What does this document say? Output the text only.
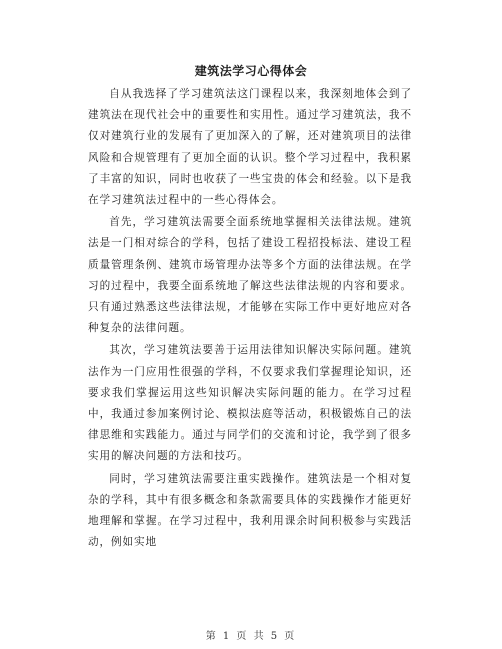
建筑法学习心得体会

自从我选择了学习建筑法这门课程以来，我深刻地体会到了建筑法在现代社会中的重要性和实用性。通过学习建筑法，我不仅对建筑行业的发展有了更加深入的了解，还对建筑项目的法律风险和合规管理有了更加全面的认识。整个学习过程中，我积累了丰富的知识，同时也收获了一些宝贵的体会和经验。以下是我在学习建筑法过程中的一些心得体会。

首先，学习建筑法需要全面系统地掌握相关法律法规。建筑法是一门相对综合的学科，包括了建设工程招投标法、建设工程质量管理条例、建筑市场管理办法等多个方面的法律法规。在学习的过程中，我要全面系统地了解这些法律法规的内容和要求。只有通过熟悉这些法律法规，才能够在实际工作中更好地应对各种复杂的法律问题。

其次，学习建筑法要善于运用法律知识解决实际问题。建筑法作为一门应用性很强的学科，不仅要求我们掌握理论知识，还要求我们掌握运用这些知识解决实际问题的能力。在学习过程中，我通过参加案例讨论、模拟法庭等活动，积极锻炼自己的法律思维和实践能力。通过与同学们的交流和讨论，我学到了很多实用的解决问题的方法和技巧。

同时，学习建筑法需要注重实践操作。建筑法是一个相对复杂的学科，其中有很多概念和条款需要具体的实践操作才能更好地理解和掌握。在学习过程中，我利用课余时间积极参与实践活动，例如实地

第 1 页 共 5 页
